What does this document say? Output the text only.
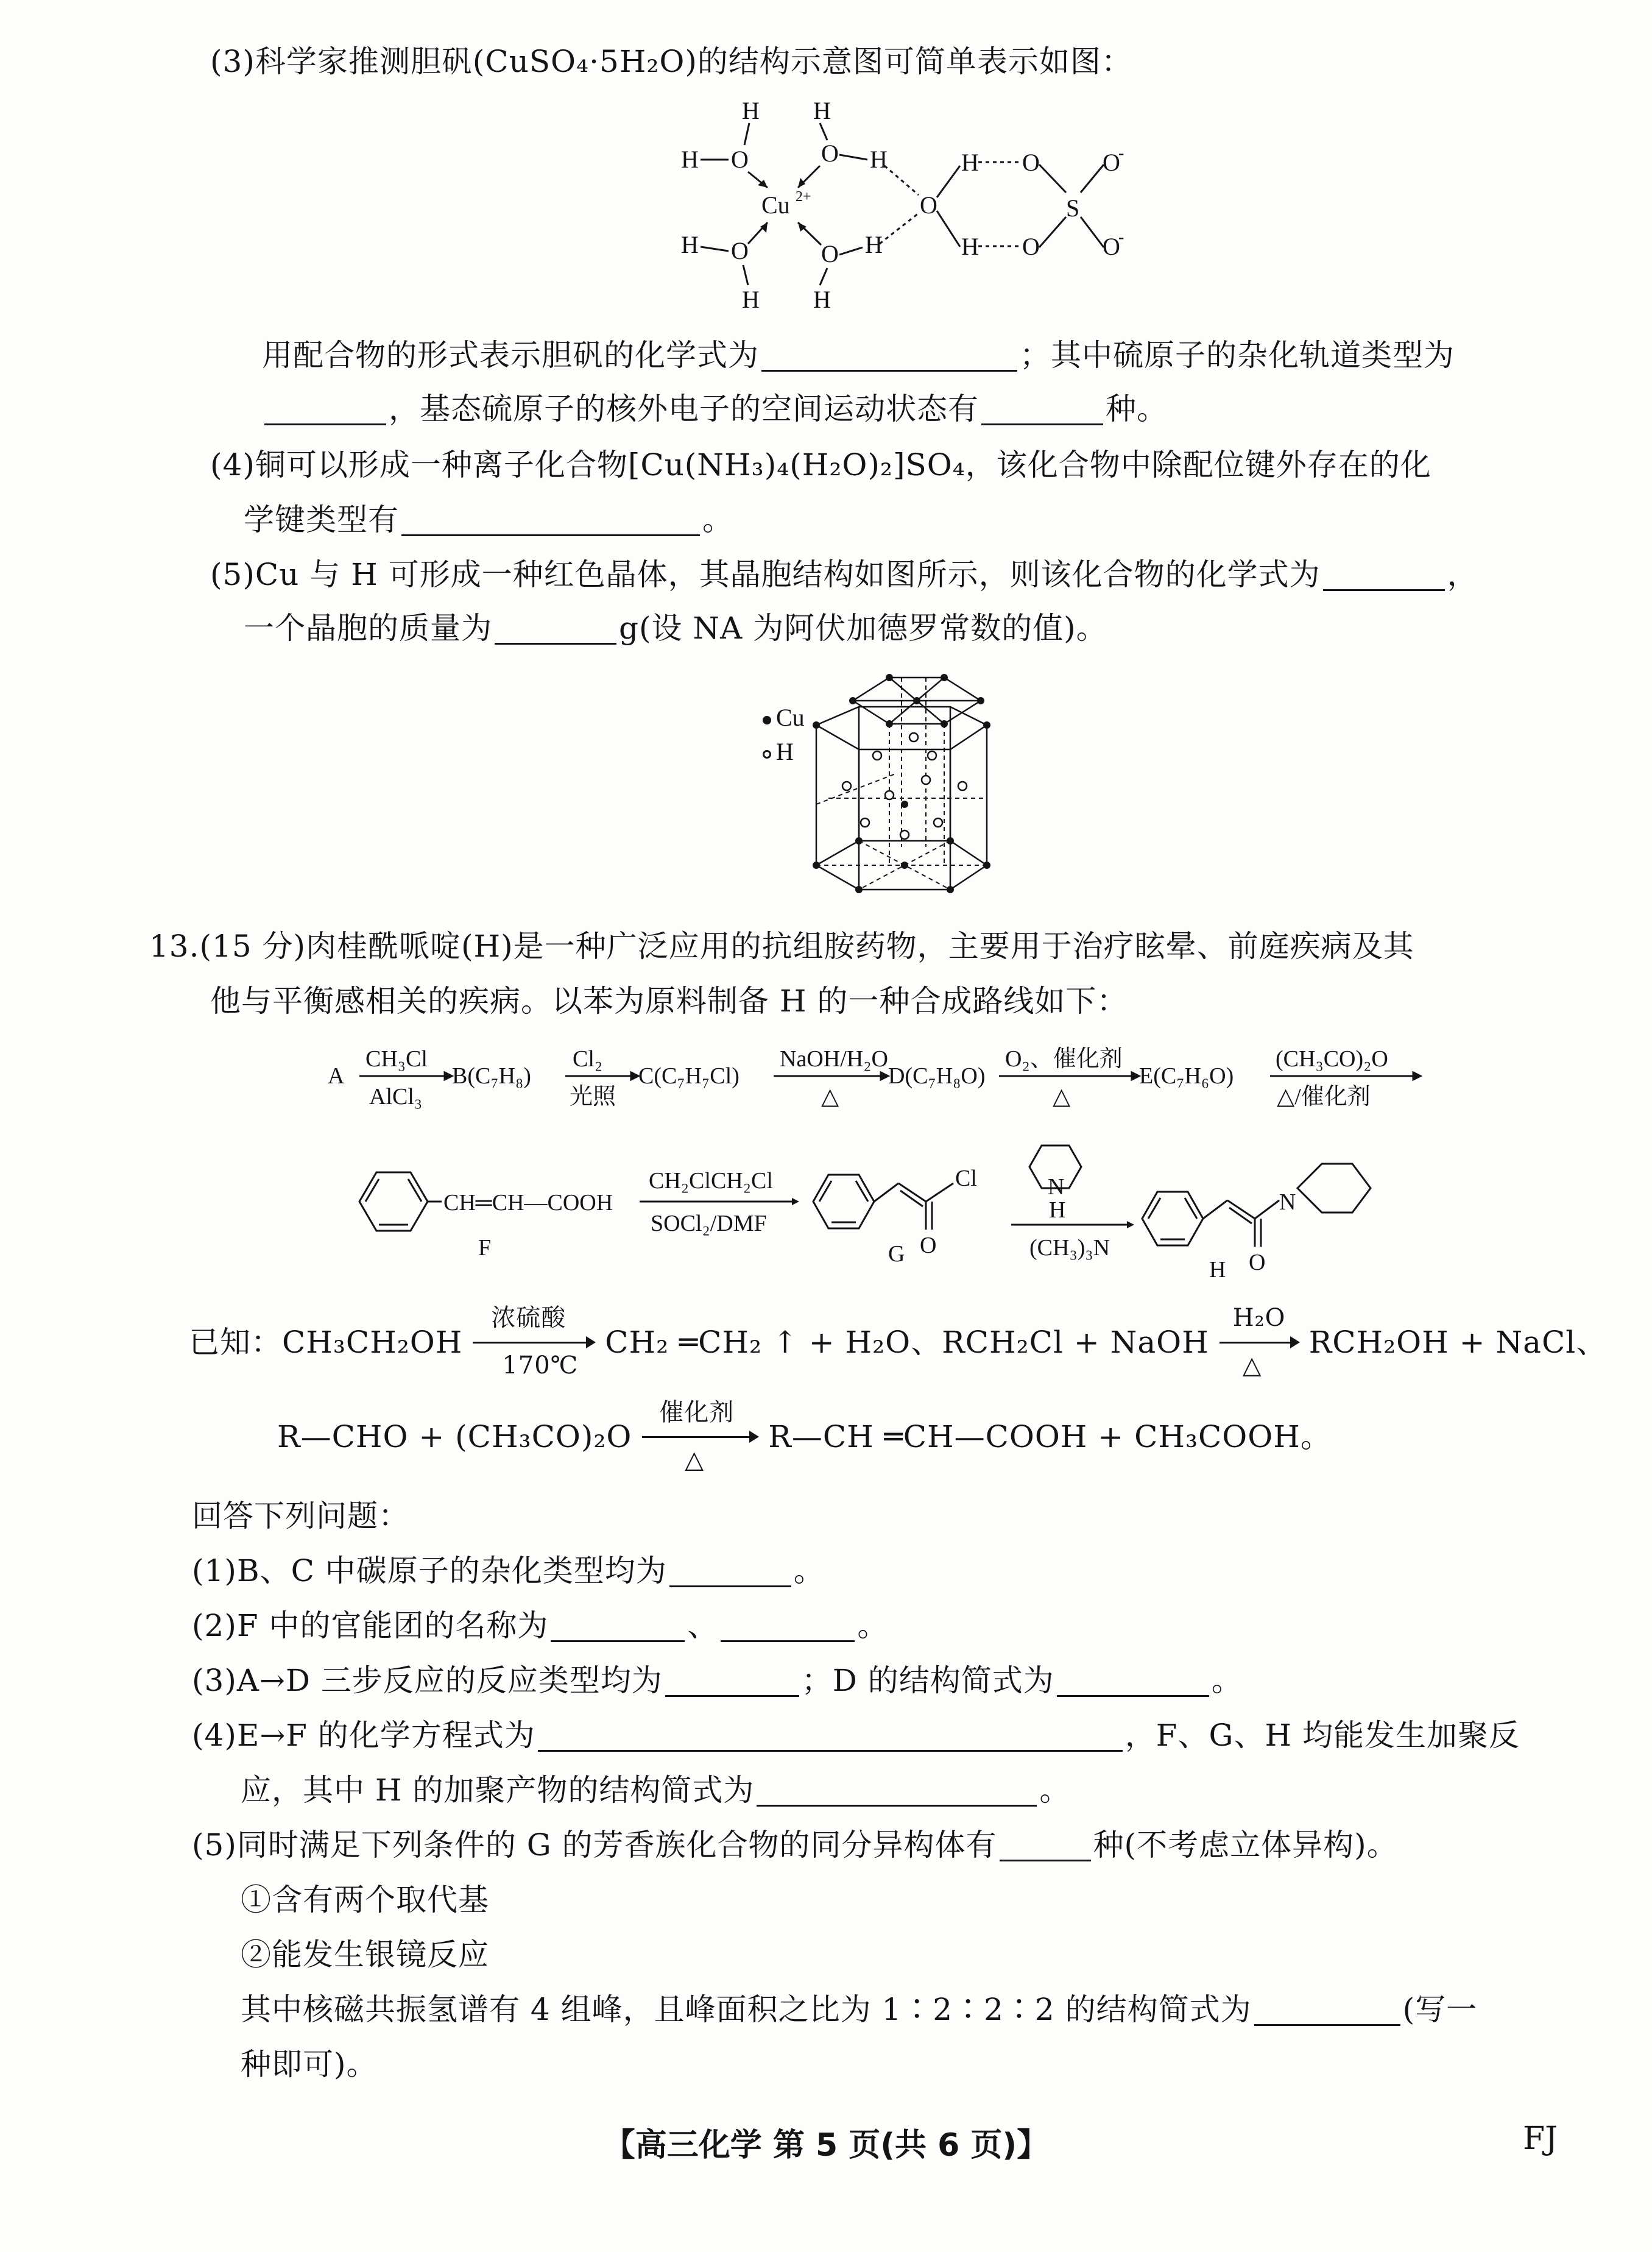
(3)科学家推测胆矾(CuSO₄·5H₂O)的结构示意图可简单表示如图：
H
H O
H
O H
Cu 2+
H O
H
O H
H
O
H
H
O
O
S
O
O
-
-
用配合物的形式表示胆矾的化学式为	；其中硫原子的杂化轨道类型为
，基态硫原子的核外电子的空间运动状态有	种。
(4)铜可以形成一种离子化合物[Cu(NH₃)₄(H₂O)₂]SO₄，该化合物中除配位键外存在的化
学键类型有	。
(5)Cu 与 H 可形成一种红色晶体，其晶胞结构如图所示，则该化合物的化学式为	，
一个晶胞的质量为	g(设 NA 为阿伏加德罗常数的值)。
Cu
H
13.(15 分)肉桂酰哌啶(H)是一种广泛应用的抗组胺药物，主要用于治疗眩晕、前庭疾病及其
他与平衡感相关的疾病。以苯为原料制备 H 的一种合成路线如下：
A
CH₃Cl
AlCl₃
B(C₇H₈)
Cl₂
光照
C(C₇H₇Cl)
NaOH/H₂O
△
D(C₇H₈O)
O₂、催化剂
△
E(C₇H₆O)
(CH₃CO)₂O
△/催化剂
CH═CH—COOH
F
CH₂ClCH₂Cl
SOCl₂/DMF
Cl
O
G
N
H
(CH₃)₃N
N
O
H
已知：CH₃CH₂OH
浓硫酸
170℃
CH₂ ═CH₂ ↑ + H₂O、RCH₂Cl + NaOH
H₂O
△
RCH₂OH + NaCl、
R—CHO + (CH₃CO)₂O
催化剂
△
R—CH ═CH—COOH + CH₃COOH。
回答下列问题：
(1)B、C 中碳原子的杂化类型均为	。
(2)F 中的官能团的名称为	、	。
(3)A→D 三步反应的反应类型均为	；D 的结构简式为	。
(4)E→F 的化学方程式为	，F、G、H 均能发生加聚反
应，其中 H 的加聚产物的结构简式为	。
(5)同时满足下列条件的 G 的芳香族化合物的同分异构体有	种(不考虑立体异构)。
①含有两个取代基
②能发生银镜反应
其中核磁共振氢谱有 4 组峰，且峰面积之比为 1∶2∶2∶2 的结构简式为	(写一
种即可)。
【高三化学 第 5 页(共 6 页)】	FJ
